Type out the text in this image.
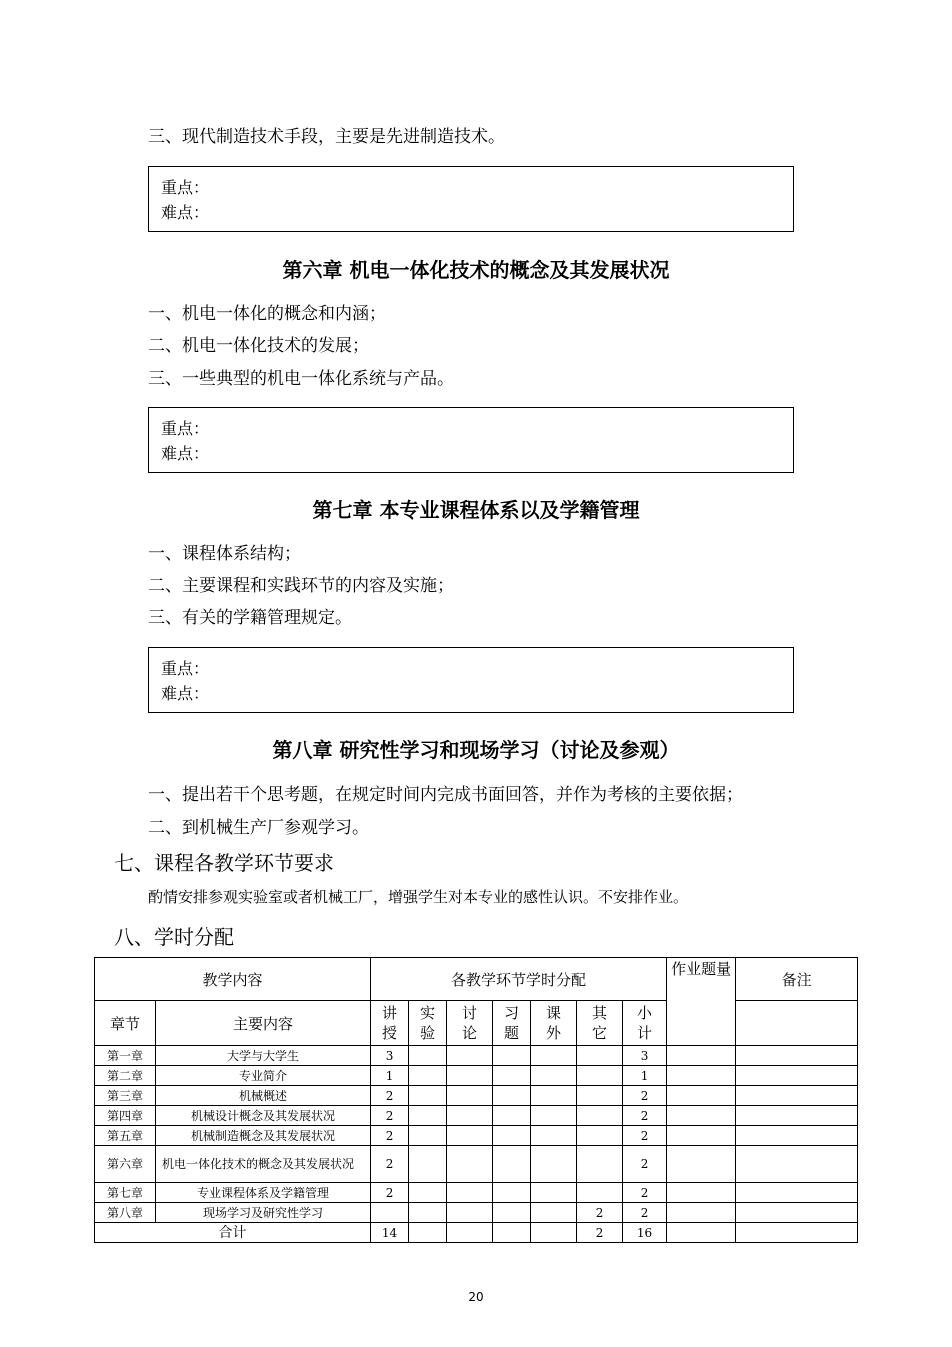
三、现代制造技术手段，主要是先进制造技术。
重点：
难点：
第六章 机电一体化技术的概念及其发展状况
一、机电一体化的概念和内涵；
二、机电一体化技术的发展；
三、一些典型的机电一体化系统与产品。
重点：
难点：
第七章 本专业课程体系以及学籍管理
一、课程体系结构；
二、主要课程和实践环节的内容及实施；
三、有关的学籍管理规定。
重点：
难点：
第八章 研究性学习和现场学习（讨论及参观）
一、提出若干个思考题，在规定时间内完成书面回答，并作为考核的主要依据；
二、到机械生产厂参观学习。
七、课程各教学环节要求
酌情安排参观实验室或者机械工厂，增强学生对本专业的感性认识。不安排作业。
八、学时分配
教学内容		各教学环节学时分配							作业题量	备注
章节	主要内容	讲授	实验	讨论	习题	课外	其它	小计		
第一章	大学与大学生	3						3		
第二章	专业简介	1						1		
第三章	机械概述	2						2		
第四章	机械设计概念及其发展状况	2						2		
第五章	机械制造概念及其发展状况	2						2		
第六章	机电一体化技术的概念及其发展状况	2						2		
第七章	专业课程体系及学籍管理	2						2		
第八章	现场学习及研究性学习						2	2		
合计		14					2	16		
20
